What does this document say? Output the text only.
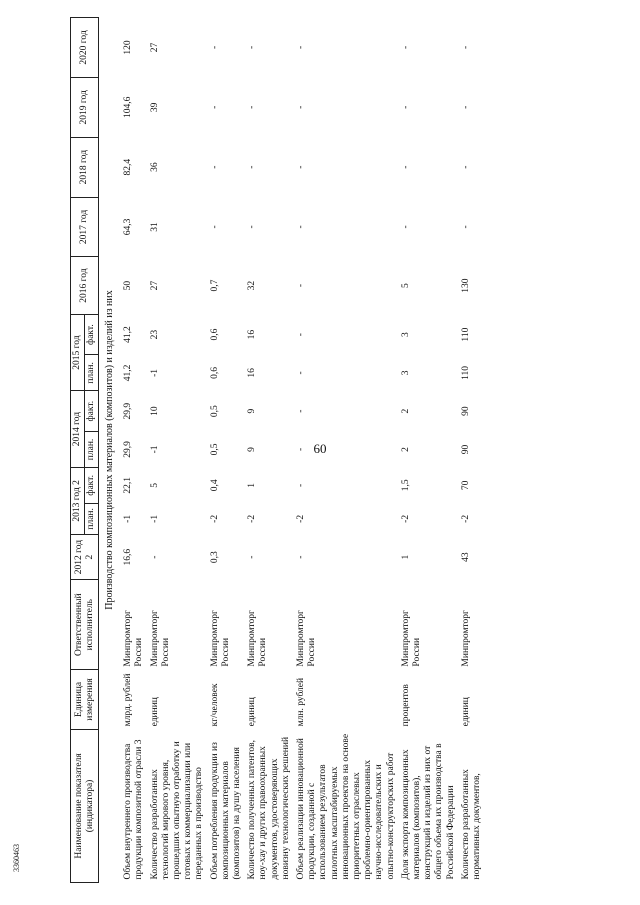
60
3360463	Наименование показателя (индикатора)	Единица измерения	Ответственный исполнитель	2012 год 2	2013 год 2		2014 год		2015 год		2016 год	2017 год	2018 год	2019 год	2020 год
				план.	факт.	план.	факт.	план.	факт.					
Производство композиционных материалов (композитов) и изделий из них														
Объем внутреннего производства продукции композитной отрасли 3	млрд. рублей	Минпромторг России	16,6	-1	22,1	29,9	29,9	41,2	41,2	50	64,3	82,4	104,6	120
Количество разработанных технологий мирового уровня, прошедших опытную отработку и готовых к коммерциализации или переданных в производство	единиц	Минпромторг России	-	-1	5	-1	10	-1	23	27	31	36	39	27
Объем потребления продукции из композиционных материалов (композитов) на душу населения	кг/человек	Минпромторг России	0,3	-2	0,4	0,5	0,5	0,6	0,6	0,7	-	-	-	-
Количество полученных патентов, ноу-хау и других правоохранных документов, удостоверяющих новизну технологических решений	единиц	Минпромторг России	-	-2	1	9	9	16	16	32	-	-	-	-
Объем реализации инновационной продукции, созданной с использованием результатов пилотных масштабируемых инновационных проектов на основе приоритетных отраслевых проблемно-ориентированных научно-исследовательских и опытно-конструкторских работ	млн. рублей	Минпромторг России	-	-2	-	-	-	-	-	-	-	-	-	-
Доля экспорта композиционных материалов (композитов), конструкций и изделий из них от общего объема их производства в Российской Федерации	процентов	Минпромторг России	1	-2	1,5	2	2	3	3	5	-	-	-	-
Количество разработанных нормативных документов,	единиц	Минпромторг	43	-2	70	90	90	110	110	130	-	-	-	-
